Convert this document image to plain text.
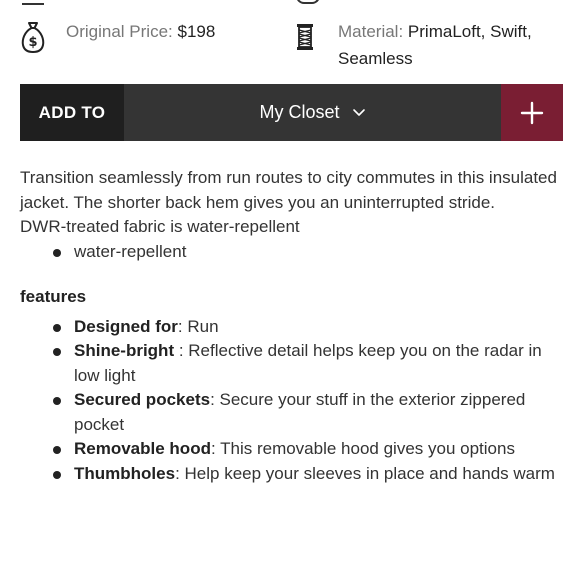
$
Original Price: $198	Material: PrimaLoft, Swift, Seamless
ADD TO	My Closet

Transition seamlessly from run routes to city commutes in this insulated jacket. The shorter back hem gives you an uninterrupted stride.

DWR-treated fabric is water-repellent

water-repellent
features
Designed for: Run
Shine-bright : Reflective detail helps keep you on the radar in low light
Secured pockets: Secure your stuff in the exterior zippered pocket
Removable hood: This removable hood gives you options
Thumbholes: Help keep your sleeves in place and hands warm
